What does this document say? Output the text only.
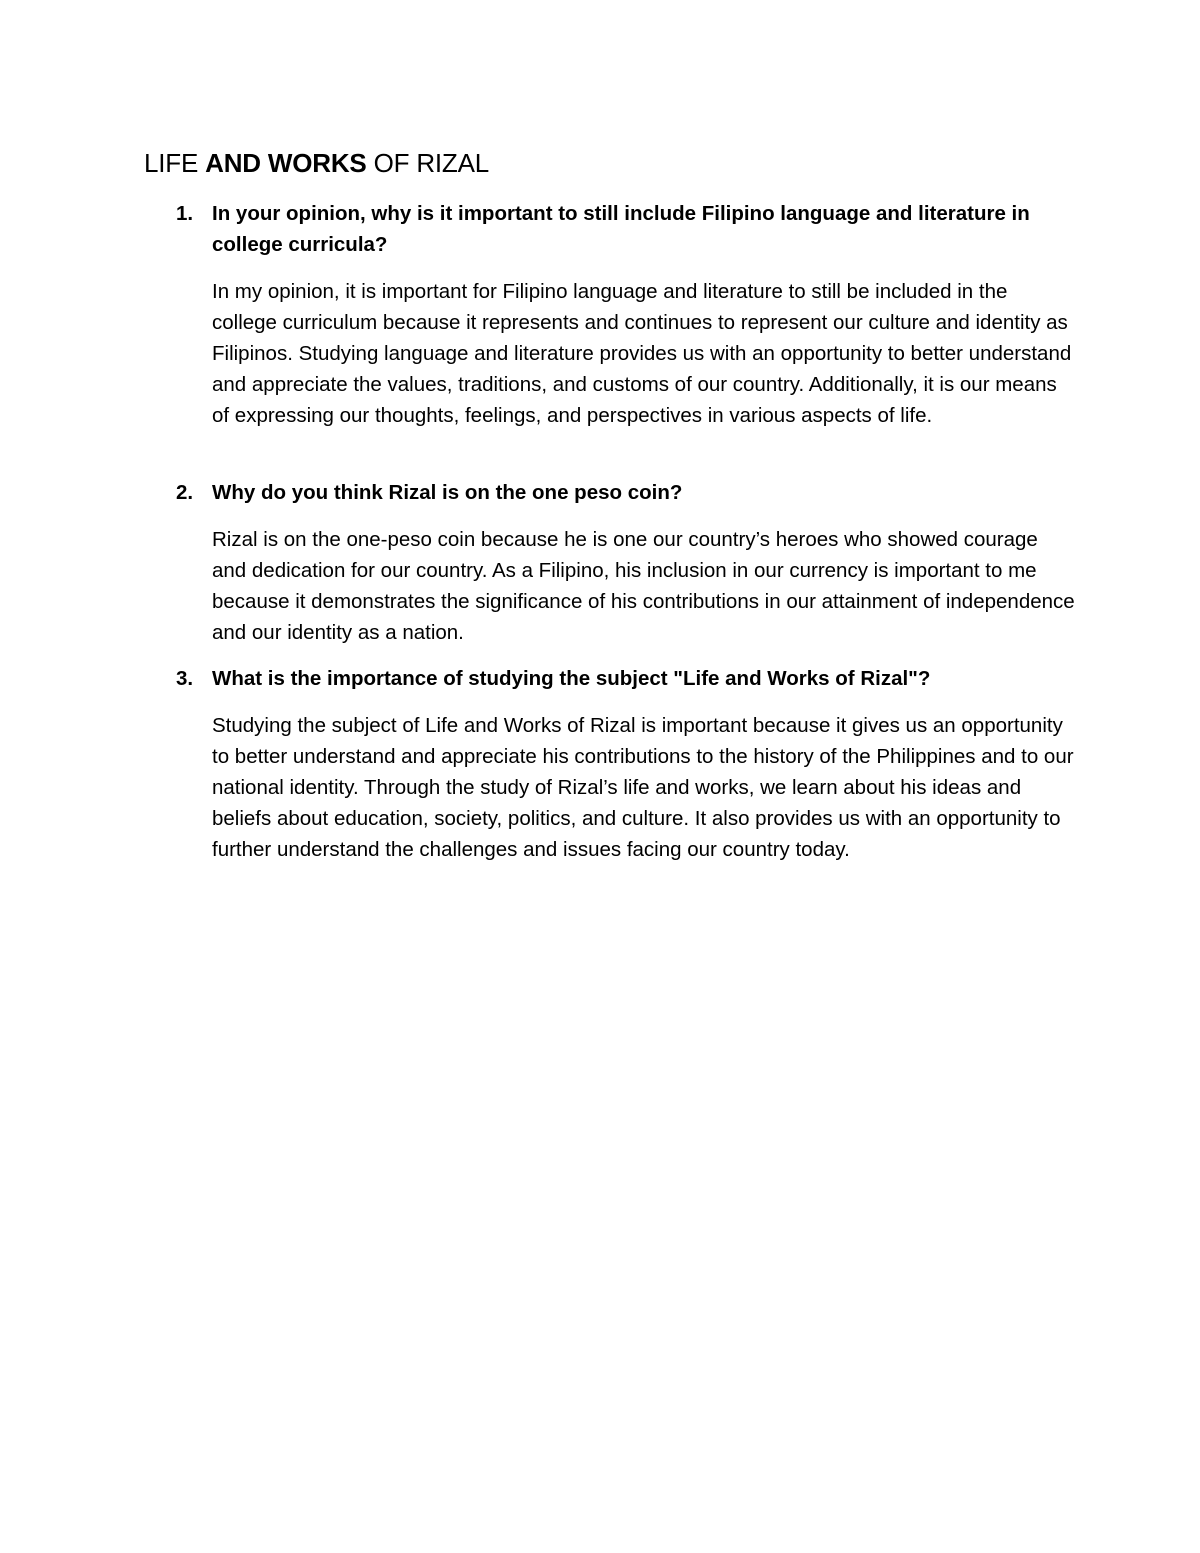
LIFE AND WORKS OF RIZAL
1. In your opinion, why is it important to still include Filipino language and literature in college curricula?
In my opinion, it is important for Filipino language and literature to still be included in the college curriculum because it represents and continues to represent our culture and identity as Filipinos. Studying language and literature provides us with an opportunity to better understand and appreciate the values, traditions, and customs of our country. Additionally, it is our means of expressing our thoughts, feelings, and perspectives in various aspects of life.
2. Why do you think Rizal is on the one peso coin?
Rizal is on the one-peso coin because he is one our country’s heroes who showed courage and dedication for our country. As a Filipino, his inclusion in our currency is important to me because it demonstrates the significance of his contributions in our attainment of independence and our identity as a nation.
3. What is the importance of studying the subject "Life and Works of Rizal"?
Studying the subject of Life and Works of Rizal is important because it gives us an opportunity to better understand and appreciate his contributions to the history of the Philippines and to our national identity. Through the study of Rizal’s life and works, we learn about his ideas and beliefs about education, society, politics, and culture. It also provides us with an opportunity to further understand the challenges and issues facing our country today.
